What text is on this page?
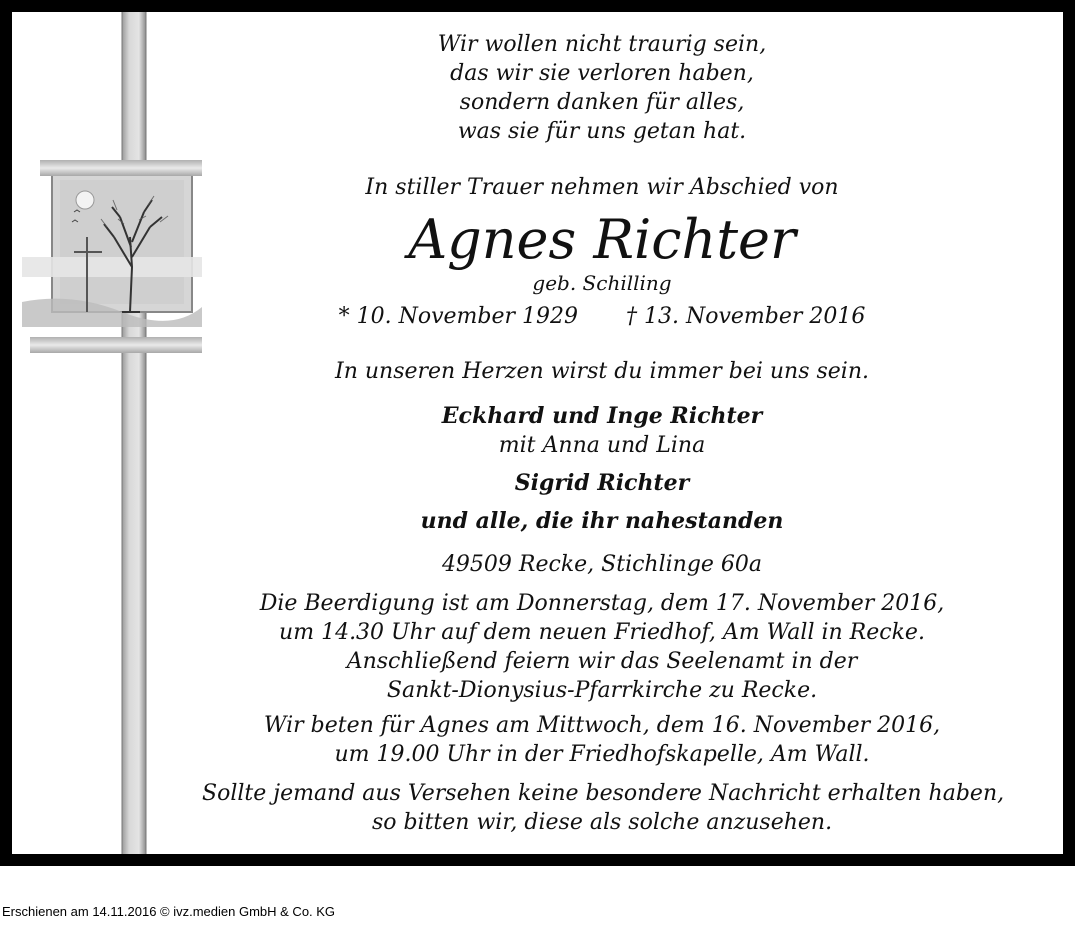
Wir wollen nicht traurig sein,
das wir sie verloren haben,
sondern danken für alles,
was sie für uns getan hat.
In stiller Trauer nehmen wir Abschied von
Agnes Richter
geb. Schilling
* 10. November 1929 † 13. November 2016
In unseren Herzen wirst du immer bei uns sein.
Eckhard und Inge Richter
mit Anna und Lina
Sigrid Richter
und alle, die ihr nahestanden
49509 Recke, Stichlinge 60a
Die Beerdigung ist am Donnerstag, dem 17. November 2016,
um 14.30 Uhr auf dem neuen Friedhof, Am Wall in Recke.
Anschließend feiern wir das Seelenamt in der
Sankt-Dionysius-Pfarrkirche zu Recke.
Wir beten für Agnes am Mittwoch, dem 16. November 2016,
um 19.00 Uhr in der Friedhofskapelle, Am Wall.
Sollte jemand aus Versehen keine besondere Nachricht erhalten haben,
so bitten wir, diese als solche anzusehen.
Erschienen am 14.11.2016 © ivz.medien GmbH & Co. KG
